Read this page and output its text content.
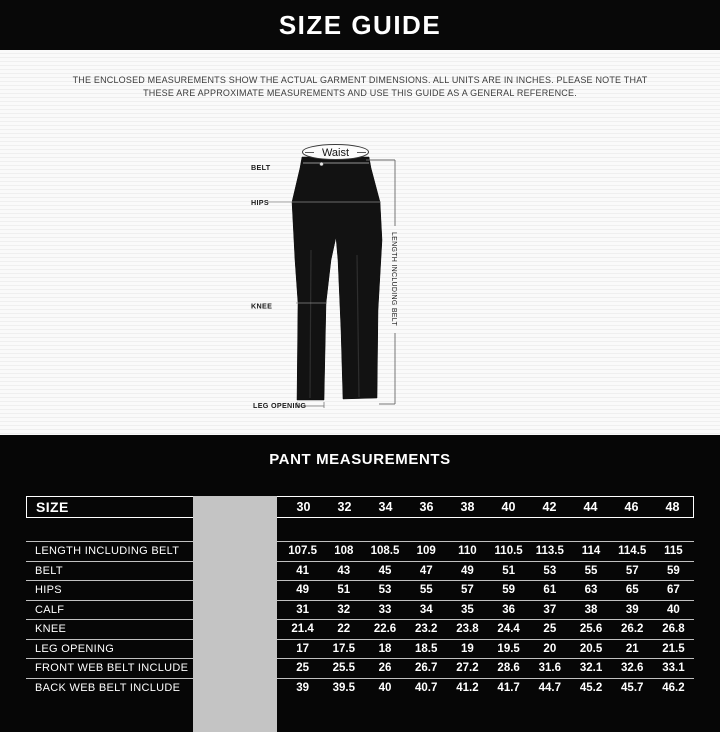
SIZE GUIDE
THE ENCLOSED MEASUREMENTS SHOW THE ACTUAL GARMENT DIMENSIONS. ALL UNITS ARE IN INCHES. PLEASE NOTE THAT
THESE ARE APPROXIMATE MEASUREMENTS AND USE THIS GUIDE AS A GENERAL REFERENCE.
Waist
LENGTH INCLUDING BELT
BELT
HIPS
KNEE
LEG OPENING
PANT MEASUREMENTS
SIZE	30	32	34	36	38	40	42	44	46	48
LENGTH INCLUDING BELT	107.5	108	108.5	109	110	110.5	113.5	114	114.5	115
BELT	41	43	45	47	49	51	53	55	57	59
HIPS	49	51	53	55	57	59	61	63	65	67
CALF	31	32	33	34	35	36	37	38	39	40
KNEE	21.4	22	22.6	23.2	23.8	24.4	25	25.6	26.2	26.8
LEG OPENING	17	17.5	18	18.5	19	19.5	20	20.5	21	21.5
FRONT WEB BELT INCLUDE	25	25.5	26	26.7	27.2	28.6	31.6	32.1	32.6	33.1
BACK WEB BELT INCLUDE	39	39.5	40	40.7	41.2	41.7	44.7	45.2	45.7	46.2
